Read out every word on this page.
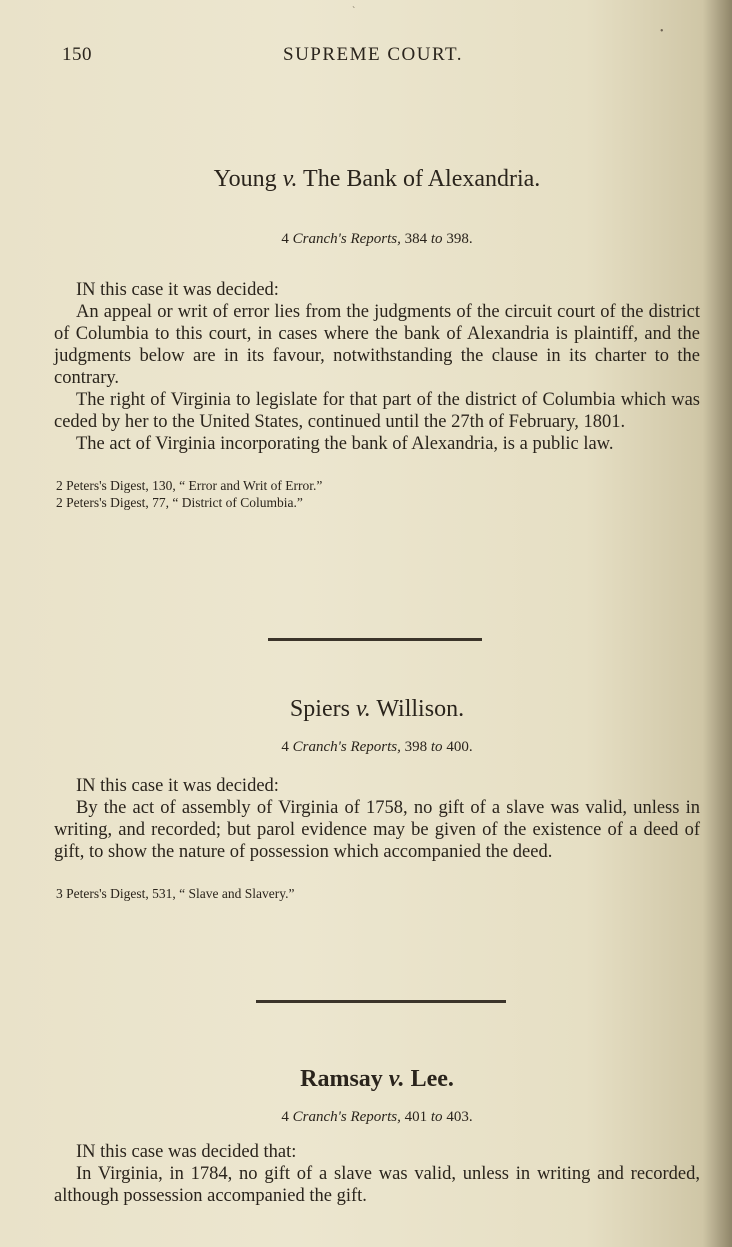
150	SUPREME COURT.
Young v. The Bank of Alexandria.

4 Cranch's Reports, 384 to 398.

IN this case it was decided:

An appeal or writ of error lies from the judgments of the circuit court of the district of Columbia to this court, in cases where the bank of Alexandria is plaintiff, and the judgments below are in its favour, notwithstanding the clause in its charter to the contrary.

The right of Virginia to legislate for that part of the district of Columbia which was ceded by her to the United States, continued until the 27th of February, 1801.

The act of Virginia incorporating the bank of Alexandria, is a public law.

2 Peters's Digest, 130, “ Error and Writ of Error.”

2 Peters's Digest, 77, “ District of Columbia.”

Spiers v. Willison.

4 Cranch's Reports, 398 to 400.

IN this case it was decided:

By the act of assembly of Virginia of 1758, no gift of a slave was valid, unless in writing, and recorded; but parol evidence may be given of the existence of a deed of gift, to show the nature of possession which accompanied the deed.

3 Peters's Digest, 531, “ Slave and Slavery.”

Ramsay v. Lee.

4 Cranch's Reports, 401 to 403.

IN this case was decided that:

In Virginia, in 1784, no gift of a slave was valid, unless in writing and recorded, although possession accompanied the gift.

`
•
